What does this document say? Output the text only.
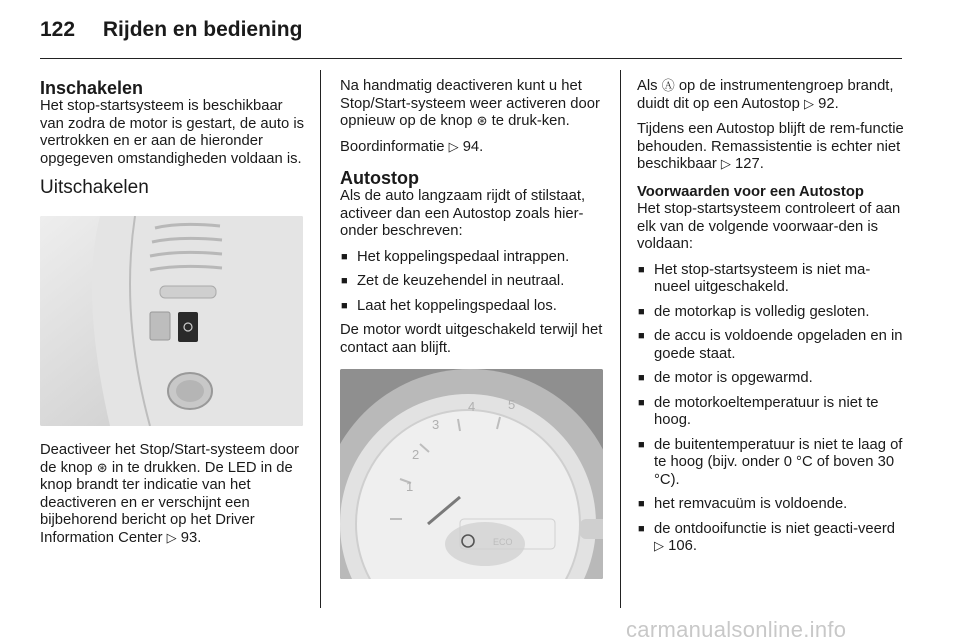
122 Rijden en bediening
Inschakelen

Het stop-startsysteem is beschikbaar van zodra de motor is gestart, de auto is vertrokken en er aan de hieronder opgegeven omstandigheden voldaan is.

Uitschakelen

Deactiveer het Stop/Start-systeem door de knop ⊛ in te drukken. De LED in de knop brandt ter indicatie van het deactiveren en er verschijnt een bijbehorend bericht op het Driver Information Center ▷ 93.

Na handmatig deactiveren kunt u het Stop/Start-systeem weer activeren door opnieuw op de knop ⊛ te druk-ken.

Boordinformatie ▷ 94.

Autostop

Als de auto langzaam rijdt of stilstaat, activeer dan een Autostop zoals hier-onder beschreven:

■ Het koppelingspedaal intrappen.
■ Zet de keuzehendel in neutraal.
■ Laat het koppelingspedaal los.

De motor wordt uitgeschakeld terwijl het contact aan blijft.

1
2
3
4	5
ECO

Als Ⓐ op de instrumentengroep brandt, duidt dit op een Autostop ▷ 92.

Tijdens een Autostop blijft de rem-functie behouden. Remassistentie is echter niet beschikbaar ▷ 127.

Voorwaarden voor een Autostop

Het stop-startsysteem controleert of aan elk van de volgende voorwaar-den is voldaan:

■ Het stop-startsysteem is niet ma-nueel uitgeschakeld.
■ de motorkap is volledig gesloten.
■ de accu is voldoende opgeladen en in goede staat.
■ de motor is opgewarmd.
■ de motorkoeltemperatuur is niet te hoog.
■ de buitentemperatuur is niet te laag of te hoog (bijv. onder 0 °C of boven 30 °C).
■ het remvacuüm is voldoende.
■ de ontdooifunctie is niet geacti-veerd ▷ 106.
carmanualsonline.info
